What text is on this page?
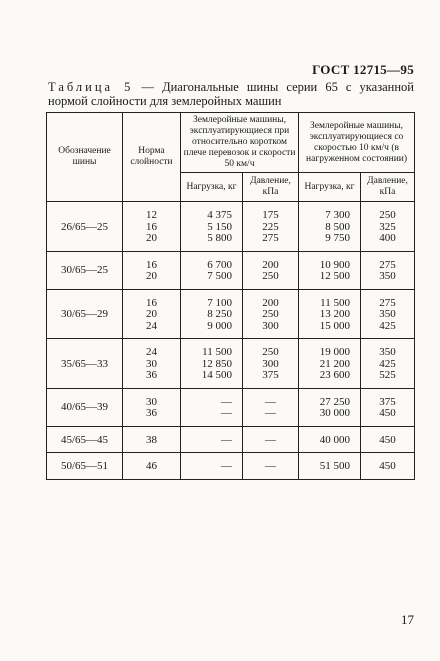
ГОСТ 12715—95
Таблица 5 — Диагональные шины серии 65 с указанной нормой слойности для землеройных машин
Обозначение шины	Норма слойности	Землеройные машины, эксплуатирующиеся при относительно коротком плече перевозок и скорости 50 км/ч		Землеройные машины, эксплуатирующиеся со скоростью 10 км/ч (в нагруженном состоянии)	
		Нагрузка, кг	Давление, кПа	Нагрузка, кг	Давление, кПа
26/65—25	12
16
20	4 375
5 150
5 800	175
225
275	7 300
8 500
9 750	250
325
400

30/65—25	16
20	6 700
7 500	200
250	10 900
12 500	275
350

30/65—29	16
20
24	7 100
8 250
9 000	200
250
300	11 500
13 200
15 000	275
350
425

35/65—33	24
30
36	11 500
12 850
14 500	250
300
375	19 000
21 200
23 600	350
425
525

40/65—39	30
36	—
—	—
—	27 250
30 000	375
450

45/65—45	38	—	—	40 000	450

50/65—51	46	—	—	51 500	450
17
